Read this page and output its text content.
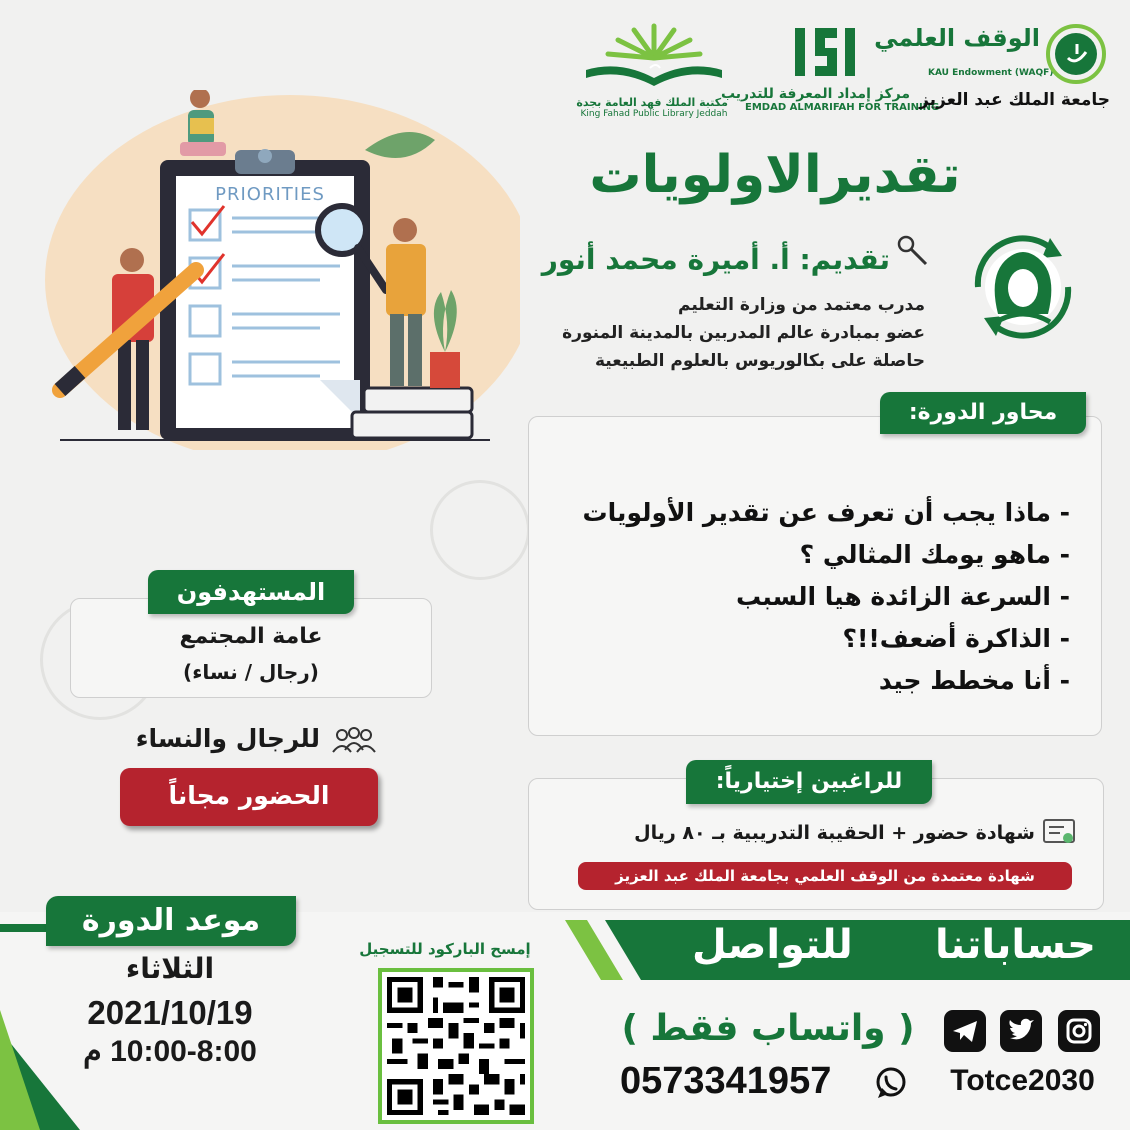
مكتبة الملك فهد العامة بجدة
King Fahad Public Library Jeddah
مركز إمداد المعرفة للتدريب
EMDAD ALMARIFAH FOR TRAINING
الوقف العلمي
KAU Endowment (WAQF)
جامعة الملك عبد العزيز
PRIORITIES	تقديرالاولويات
تقديم: أ. أميرة محمد أنور
مدرب معتمد من وزارة التعليم
عضو بمبادرة عالم المدربين بالمدينة المنورة
حاصلة على بكالوريوس بالعلوم الطبيعية
محاور الدورة:
- ماذا يجب أن تعرف عن تقدير الأولويات
- ماهو يومك المثالي ؟
- السرعة الزائدة هيا السبب
- الذاكرة أضعف!!؟
- أنا مخطط جيد
المستهدفون
عامة المجتمع
(رجال / نساء)
للرجال والنساء
الحضور مجاناً	للراغبين إختيارياً:
شهادة حضور + الحقيبة التدريبية بـ ٨٠ ريال
شهادة معتمدة من الوقف العلمي بجامعة الملك عبد العزيز
موعد الدورة
الثلاثاء
2021/10/19
10:00-8:00 م
إمسح الباركود للتسجيل	حساباتنا
للتواصل
( واتساب فقط )
0573341957	Totce2030
